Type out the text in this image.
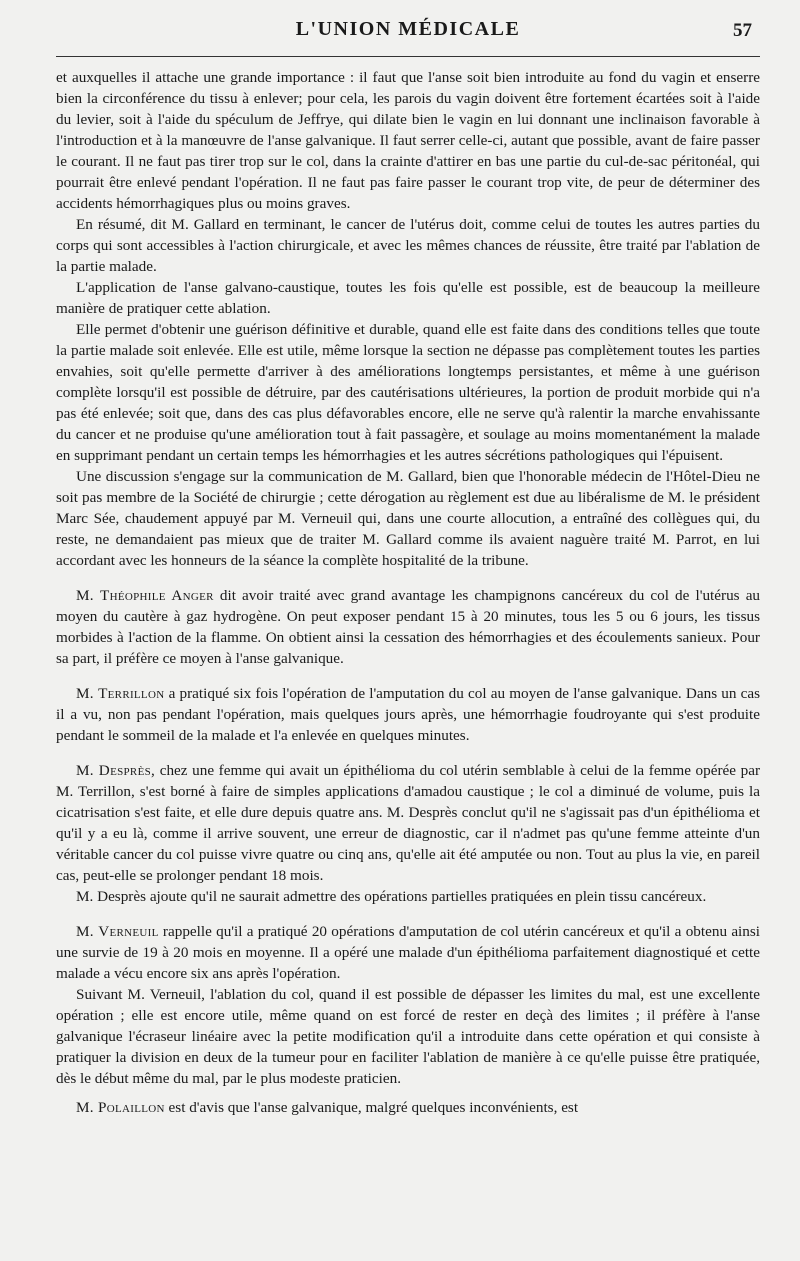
L'UNION MÉDICALE	57

et auxquelles il attache une grande importance : il faut que l'anse soit bien introduite au fond du vagin et enserre bien la circonférence du tissu à enlever; pour cela, les parois du vagin doivent être fortement écartées soit à l'aide du levier, soit à l'aide du spéculum de Jeffrye, qui dilate bien le vagin en lui donnant une inclinaison favorable à l'introduction et à la manœuvre de l'anse galvanique. Il faut serrer celle-ci, autant que possible, avant de faire passer le courant. Il ne faut pas tirer trop sur le col, dans la crainte d'attirer en bas une partie du cul-de-sac péritonéal, qui pourrait être enlevé pendant l'opération. Il ne faut pas faire passer le courant trop vite, de peur de déterminer des accidents hémorrhagiques plus ou moins graves.

En résumé, dit M. Gallard en terminant, le cancer de l'utérus doit, comme celui de toutes les autres parties du corps qui sont accessibles à l'action chirurgicale, et avec les mêmes chances de réussite, être traité par l'ablation de la partie malade.

L'application de l'anse galvano-caustique, toutes les fois qu'elle est possible, est de beaucoup la meilleure manière de pratiquer cette ablation.

Elle permet d'obtenir une guérison définitive et durable, quand elle est faite dans des conditions telles que toute la partie malade soit enlevée. Elle est utile, même lorsque la section ne dépasse pas complètement toutes les parties envahies, soit qu'elle permette d'arriver à des améliorations longtemps persistantes, et même à une guérison complète lorsqu'il est possible de détruire, par des cautérisations ultérieures, la portion de produit morbide qui n'a pas été enlevée; soit que, dans des cas plus défavorables encore, elle ne serve qu'à ralentir la marche envahissante du cancer et ne produise qu'une amélioration tout à fait passagère, et soulage au moins momentanément la malade en supprimant pendant un certain temps les hémorrhagies et les autres sécrétions pathologiques qui l'épuisent.

Une discussion s'engage sur la communication de M. Gallard, bien que l'honorable médecin de l'Hôtel-Dieu ne soit pas membre de la Société de chirurgie ; cette dérogation au règlement est due au libéralisme de M. le président Marc Sée, chaudement appuyé par M. Verneuil qui, dans une courte allocution, a entraîné des collègues qui, du reste, ne demandaient pas mieux que de traiter M. Gallard comme ils avaient naguère traité M. Parrot, en lui accordant avec les honneurs de la séance la complète hospitalité de la tribune.

M. Théophile Anger dit avoir traité avec grand avantage les champignons cancéreux du col de l'utérus au moyen du cautère à gaz hydrogène. On peut exposer pendant 15 à 20 minutes, tous les 5 ou 6 jours, les tissus morbides à l'action de la flamme. On obtient ainsi la cessation des hémorrhagies et des écoulements sanieux. Pour sa part, il préfère ce moyen à l'anse galvanique.

M. Terrillon a pratiqué six fois l'opération de l'amputation du col au moyen de l'anse galvanique. Dans un cas il a vu, non pas pendant l'opération, mais quelques jours après, une hémorrhagie foudroyante qui s'est produite pendant le sommeil de la malade et l'a enlevée en quelques minutes.

M. Desprès, chez une femme qui avait un épithélioma du col utérin semblable à celui de la femme opérée par M. Terrillon, s'est borné à faire de simples applications d'amadou caustique ; le col a diminué de volume, puis la cicatrisation s'est faite, et elle dure depuis quatre ans. M. Desprès conclut qu'il ne s'agissait pas d'un épithélioma et qu'il y a eu là, comme il arrive souvent, une erreur de diagnostic, car il n'admet pas qu'une femme atteinte d'un véritable cancer du col puisse vivre quatre ou cinq ans, qu'elle ait été amputée ou non. Tout au plus la vie, en pareil cas, peut-elle se prolonger pendant 18 mois.

M. Desprès ajoute qu'il ne saurait admettre des opérations partielles pratiquées en plein tissu cancéreux.

M. Verneuil rappelle qu'il a pratiqué 20 opérations d'amputation de col utérin cancéreux et qu'il a obtenu ainsi une survie de 19 à 20 mois en moyenne. Il a opéré une malade d'un épithélioma parfaitement diagnostiqué et cette malade a vécu encore six ans après l'opération.

Suivant M. Verneuil, l'ablation du col, quand il est possible de dépasser les limites du mal, est une excellente opération ; elle est encore utile, même quand on est forcé de rester en deçà des limites ; il préfère à l'anse galvanique l'écraseur linéaire avec la petite modification qu'il a introduite dans cette opération et qui consiste à pratiquer la division en deux de la tumeur pour en faciliter l'ablation de manière à ce qu'elle puisse être pratiquée, dès le début même du mal, par le plus modeste praticien.

M. Polaillon est d'avis que l'anse galvanique, malgré quelques inconvénients, est
